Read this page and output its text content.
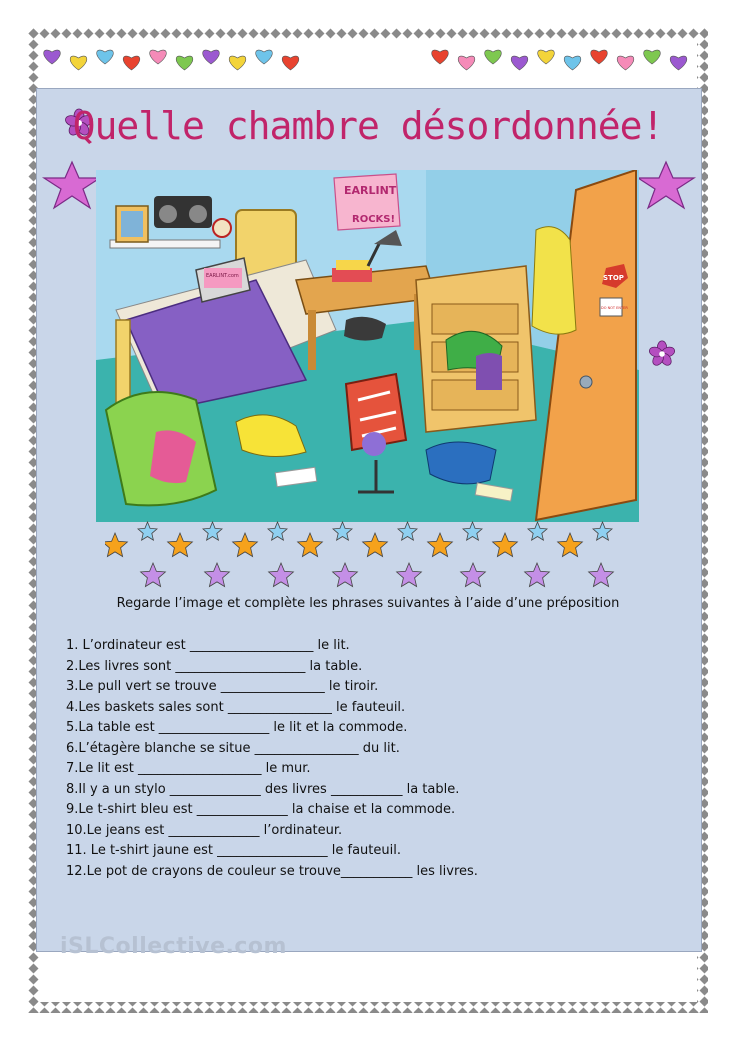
Quelle chambre désordonnée!
EARLINT
ROCKS!
EARLINT.com	STOP
DO NOT ENTER
Regarde l’image et complète les phrases suivantes à l’aide d’une préposition
1. L’ordinateur est ___________________ le lit.
2.Les livres sont ____________________ la table.
3.Le pull vert se trouve ________________ le tiroir.
4.Les baskets sales sont ________________ le fauteuil.
5.La table est _________________ le lit et la commode.
6.L’étagère blanche se situe ________________ du lit.
7.Le lit est ___________________ le mur.
8.Il y a un stylo ______________ des livres ___________ la table.
9.Le t-shirt bleu est ______________ la chaise et la commode.
10.Le jeans est ______________ l’ordinateur.
11. Le t-shirt jaune est _________________ le fauteuil.
12.Le pot de crayons de couleur se trouve___________ les livres.
iSLCollective.com
